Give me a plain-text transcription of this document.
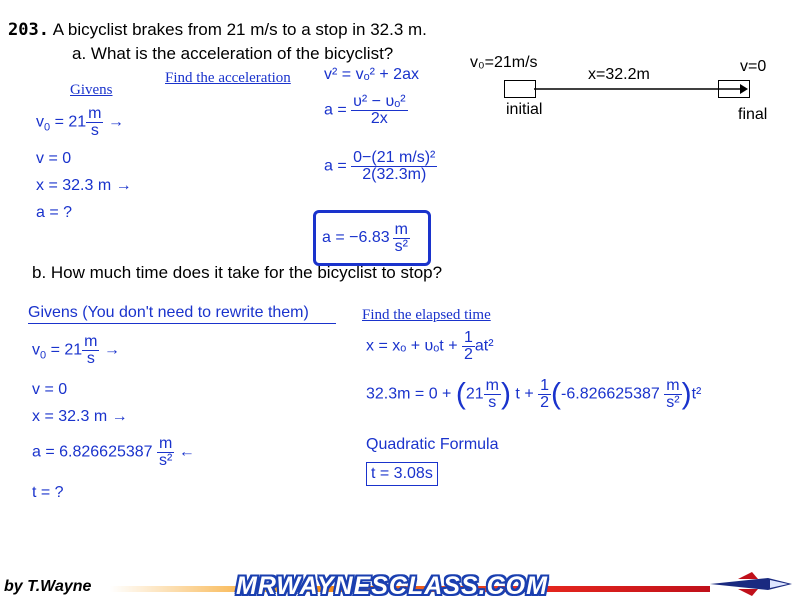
203. A bicyclist brakes from 21 m/s to a stop in 32.3 m.
a. What is the acceleration of the bicyclist?	v₀=21m/s
x=32.2m	v=0
initial	final
Givens
$v_0 = 21 \frac{m}{s}$ →
v = 0
x = 32.3 m →
a = ?
Find the acceleration v² = vₒ² + 2ax
$a = \frac{\text{υ² − υₒ²}}{2x}$
$a = \frac{\text{0−(21 m/s)²}}{2(32.3m)}$
$a = -6.83 \frac{m}{\text{s²}}$
b. How much time does it take for the bicyclist to stop?
Givens (You don't need to rewrite them)
$v_0 = 21 \frac{m}{s}$ →
v = 0
x = 32.3 m →
$a = 6.826625387 \frac{m}{\text{s²}}$ ←
t = ?
Find the elapsed time
$x = x_o + \upsilon_ot + \frac{1}{2} at^2$
$32.3m = 0 + (21 \frac{m}{s}$ ) $t + \frac{1}{2} (-6.826625387 \frac{m}{\text{s²}} )t^2$
Quadratic Formula
t = 3.08s
by T.Wayne	MRWAYNESCLASS.COM
